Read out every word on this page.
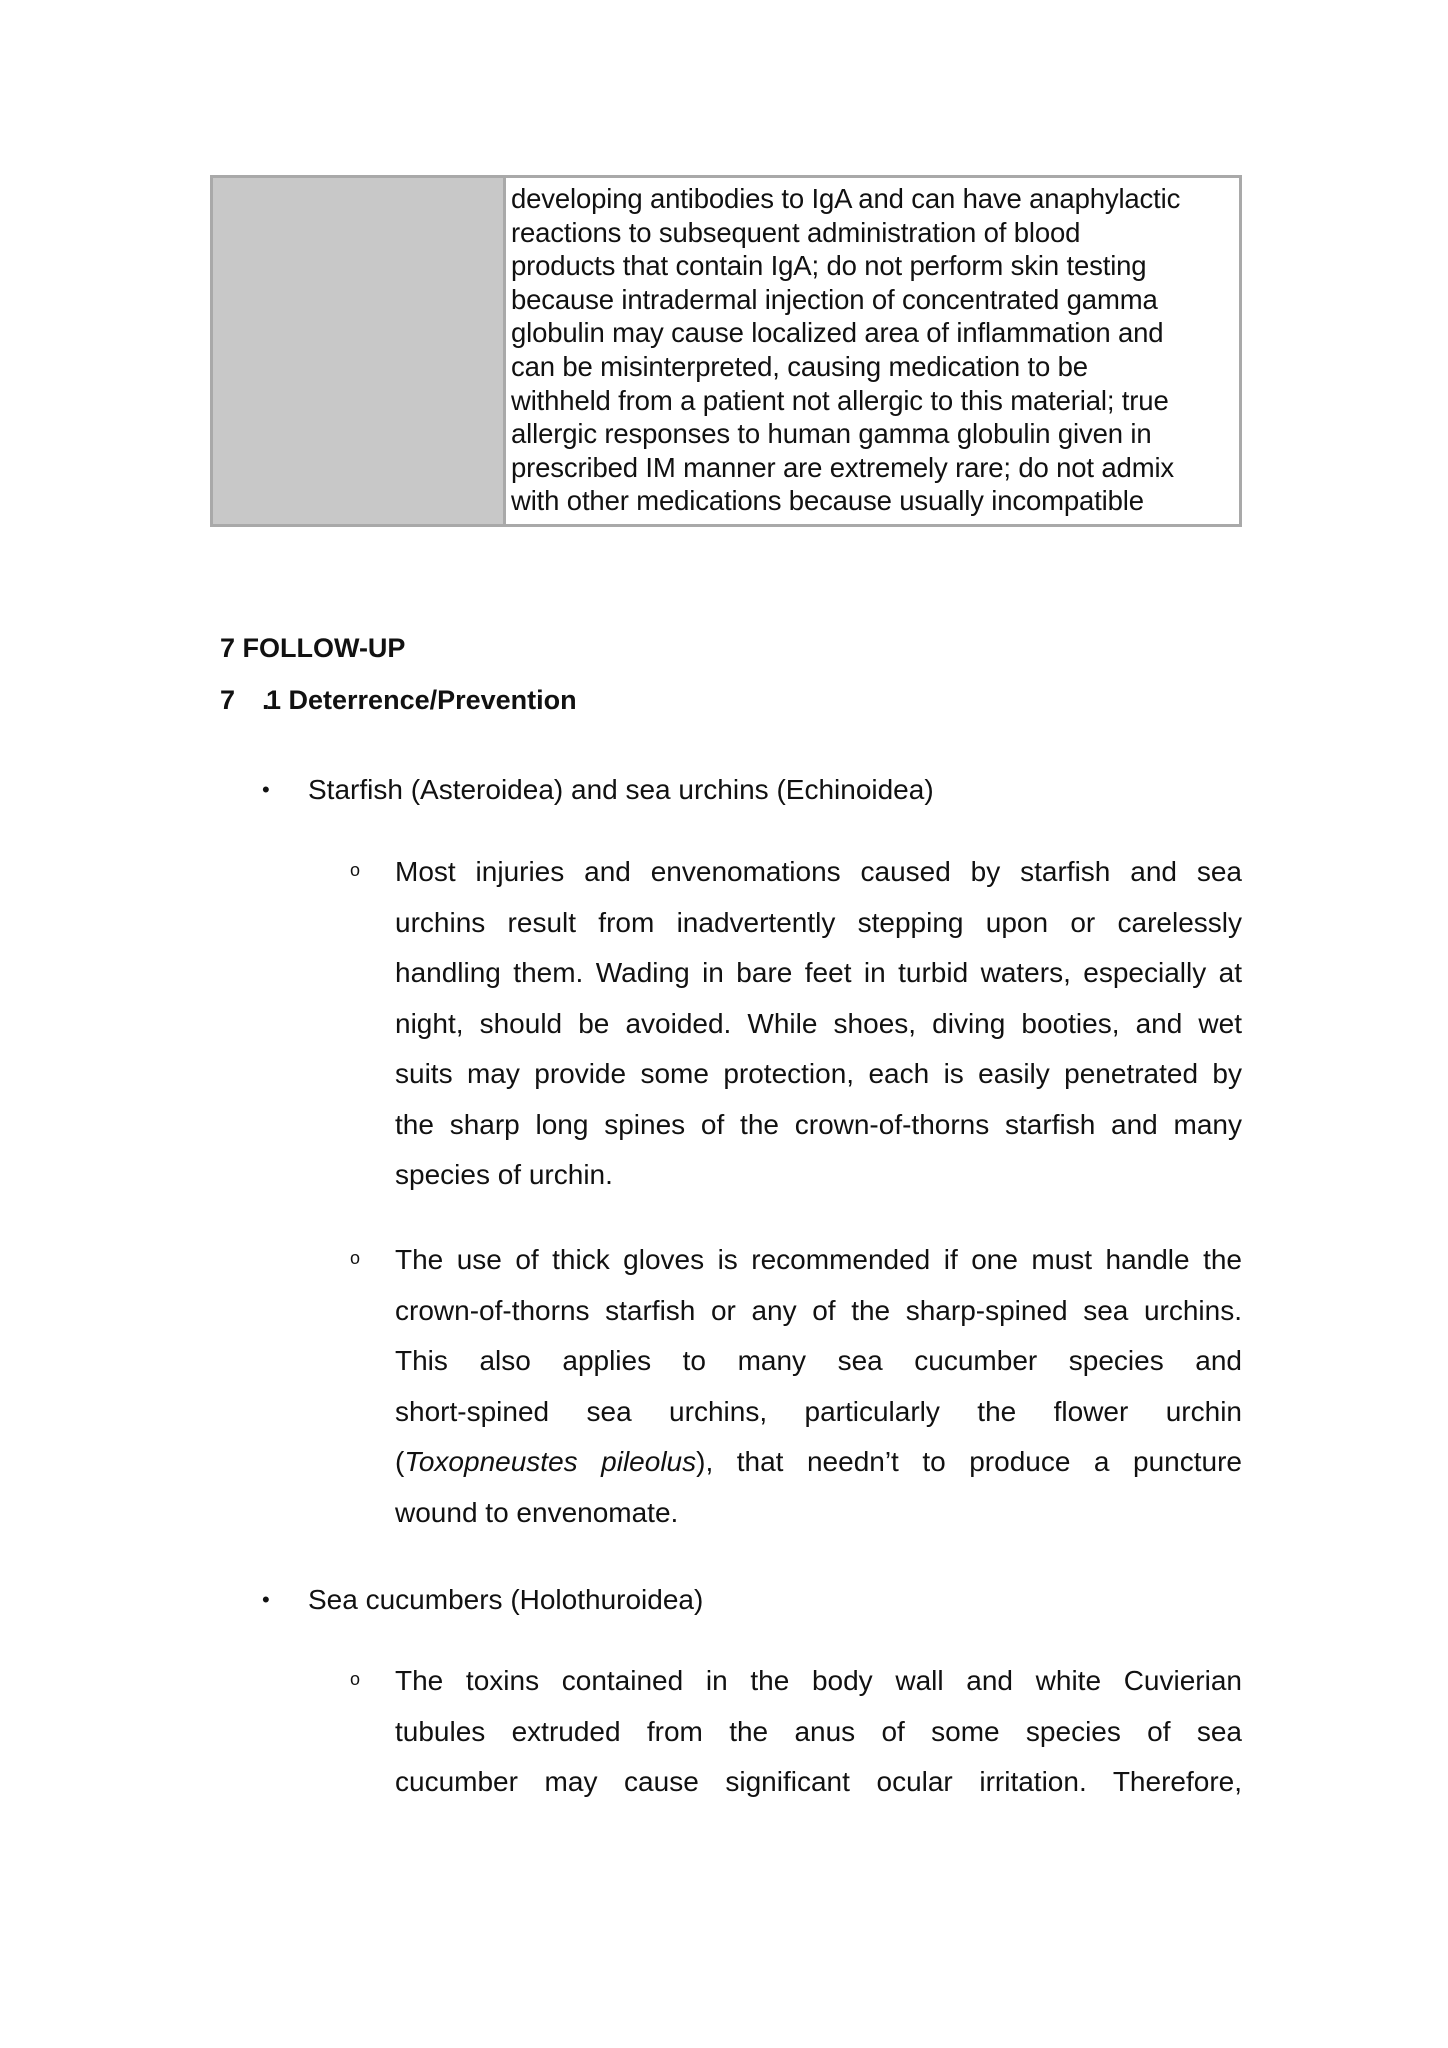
developing antibodies to IgA and can have anaphylactic
reactions to subsequent administration of blood
products that contain IgA; do not perform skin testing
because intradermal injection of concentrated gamma
globulin may cause localized area of inflammation and
can be misinterpreted, causing medication to be
withheld from a patient not allergic to this material; true
allergic responses to human gamma globulin given in
prescribed IM manner are extremely rare; do not admix
with other medications because usually incompatible
7 FOLLOW-UP
7　.1 Deterrence/Prevention
• Starfish (Asteroidea) and sea urchins (Echinoidea)
o Most injuries and envenomations caused by starfish and sea
urchins result from inadvertently stepping upon or carelessly
handling them. Wading in bare feet in turbid waters, especially at
night, should be avoided. While shoes, diving booties, and wet
suits may provide some protection, each is easily penetrated by
the sharp long spines of the crown-of-thorns starfish and many
species of urchin.
o The use of thick gloves is recommended if one must handle the
crown-of-thorns starfish or any of the sharp-spined sea urchins.
This also applies to many sea cucumber species and
short-spined sea urchins, particularly the flower urchin
(Toxopneustes pileolus), that needn’t to produce a puncture
wound to envenomate.
• Sea cucumbers (Holothuroidea)
o The toxins contained in the body wall and white Cuvierian
tubules extruded from the anus of some species of sea
cucumber may cause significant ocular irritation. Therefore,
